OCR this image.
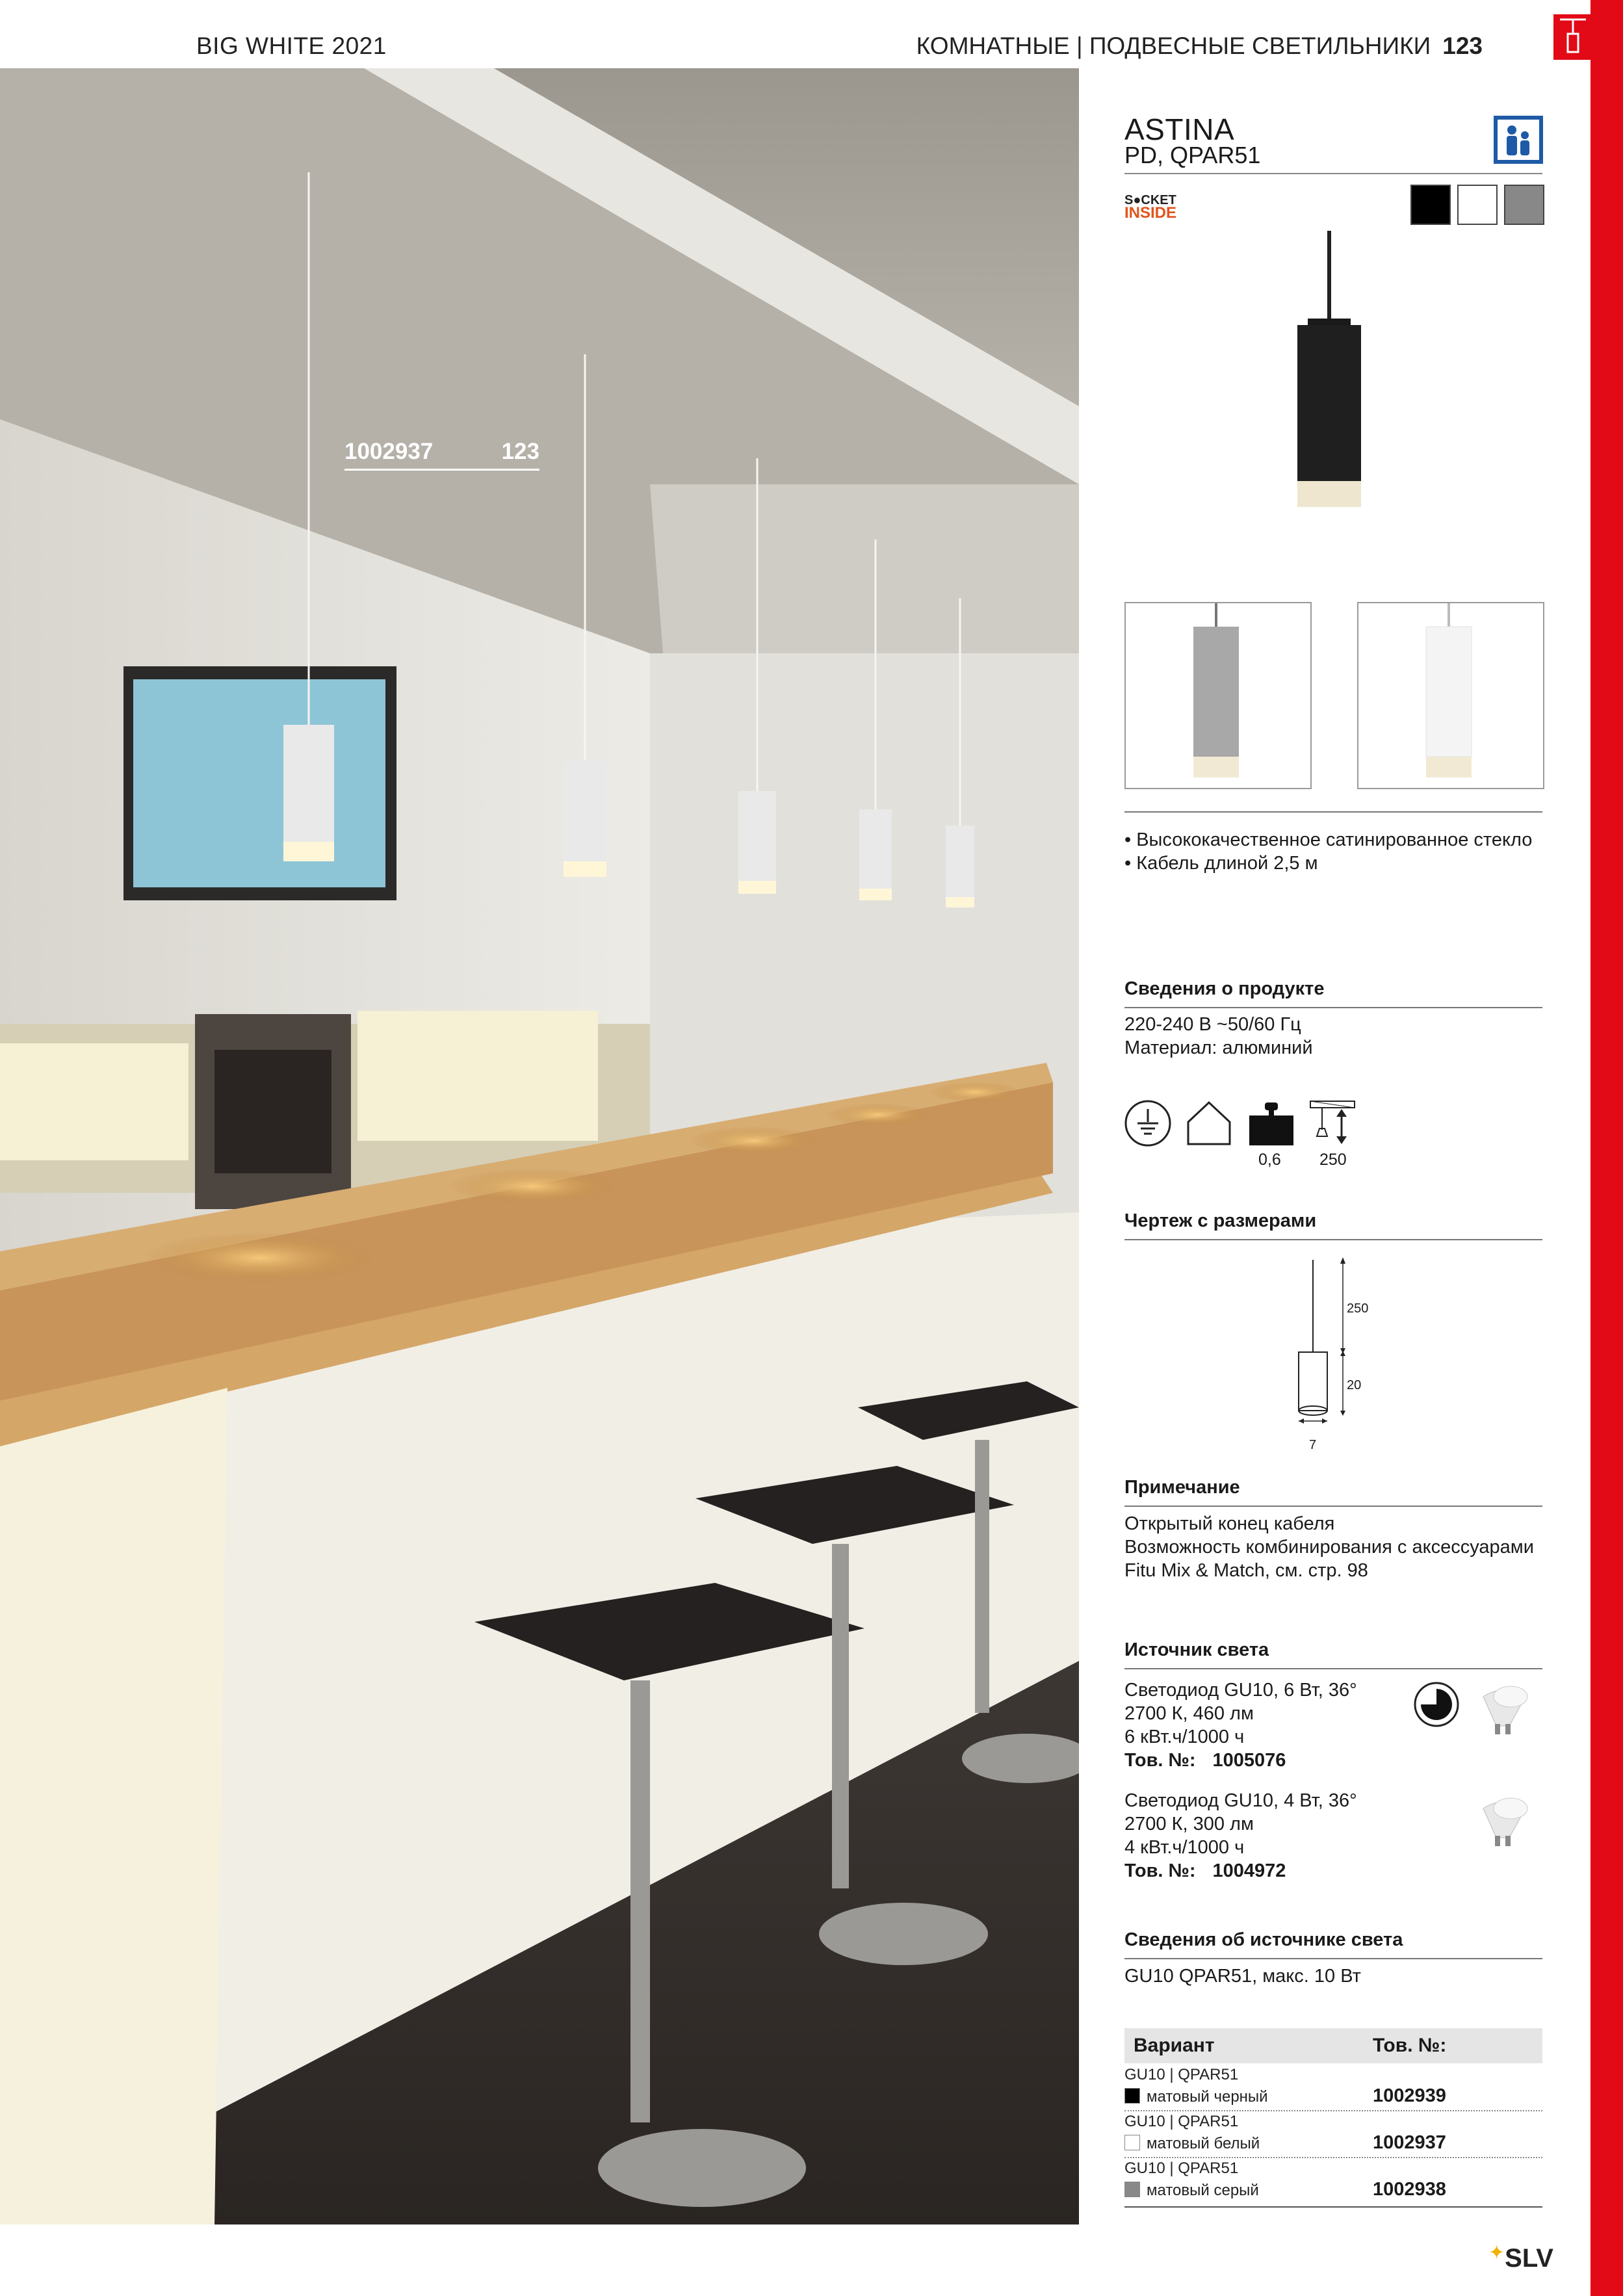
BIG WHITE 2021	КОМНАТНЫЕ | ПОДВЕСНЫЕ СВЕТИЛЬНИКИ 123
1002937	123
ASTINA
PD, QPAR51
S●CKET
INSIDE
• Высококачественное сатинированное стекло
• Кабель длиной 2,5 м
Сведения о продукте
220-240 В ~50/60 Гц
Материал: алюминий
0,6 250
Чертеж с размерами
250
20
7
Примечание
Открытый конец кабеля
Возможность комбинирования с аксессуарами
Fitu Mix & Match, см. стр. 98
Источник света
Светодиод GU10, 6 Вт, 36°
2700 К, 460 лм
6 кВт.ч/1000 ч
Тов. №: 1005076
Светодиод GU10, 4 Вт, 36°
2700 К, 300 лм
4 кВт.ч/1000 ч
Тов. №: 1004972
Сведения об источнике света
GU10 QPAR51, макс. 10 Вт
Вариант	Тов. №:
GU10 | QPAR51
матовый черный	1002939
GU10 | QPAR51
матовый белый	1002937
GU10 | QPAR51
матовый серый	1002938
✦SLV
